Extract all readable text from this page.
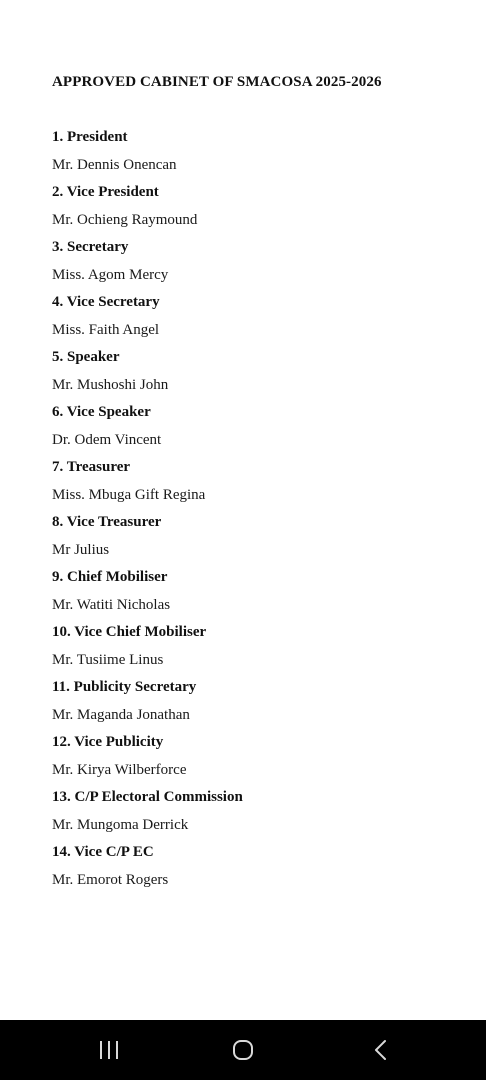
APPROVED CABINET OF SMACOSA 2025-2026
1. President
Mr. Dennis Onencan
2. Vice President
Mr. Ochieng Raymound
3. Secretary
Miss. Agom Mercy
4. Vice Secretary
Miss. Faith Angel
5. Speaker
Mr. Mushoshi John
6. Vice Speaker
Dr. Odem Vincent
7. Treasurer
Miss. Mbuga Gift Regina
8. Vice Treasurer
Mr Julius
9. Chief Mobiliser
Mr. Watiti Nicholas
10. Vice Chief Mobiliser
Mr. Tusiime Linus
11. Publicity Secretary
Mr. Maganda Jonathan
12. Vice Publicity
Mr. Kirya Wilberforce
13. C/P Electoral Commission
Mr. Mungoma Derrick
14. Vice C/P EC
Mr. Emorot Rogers
